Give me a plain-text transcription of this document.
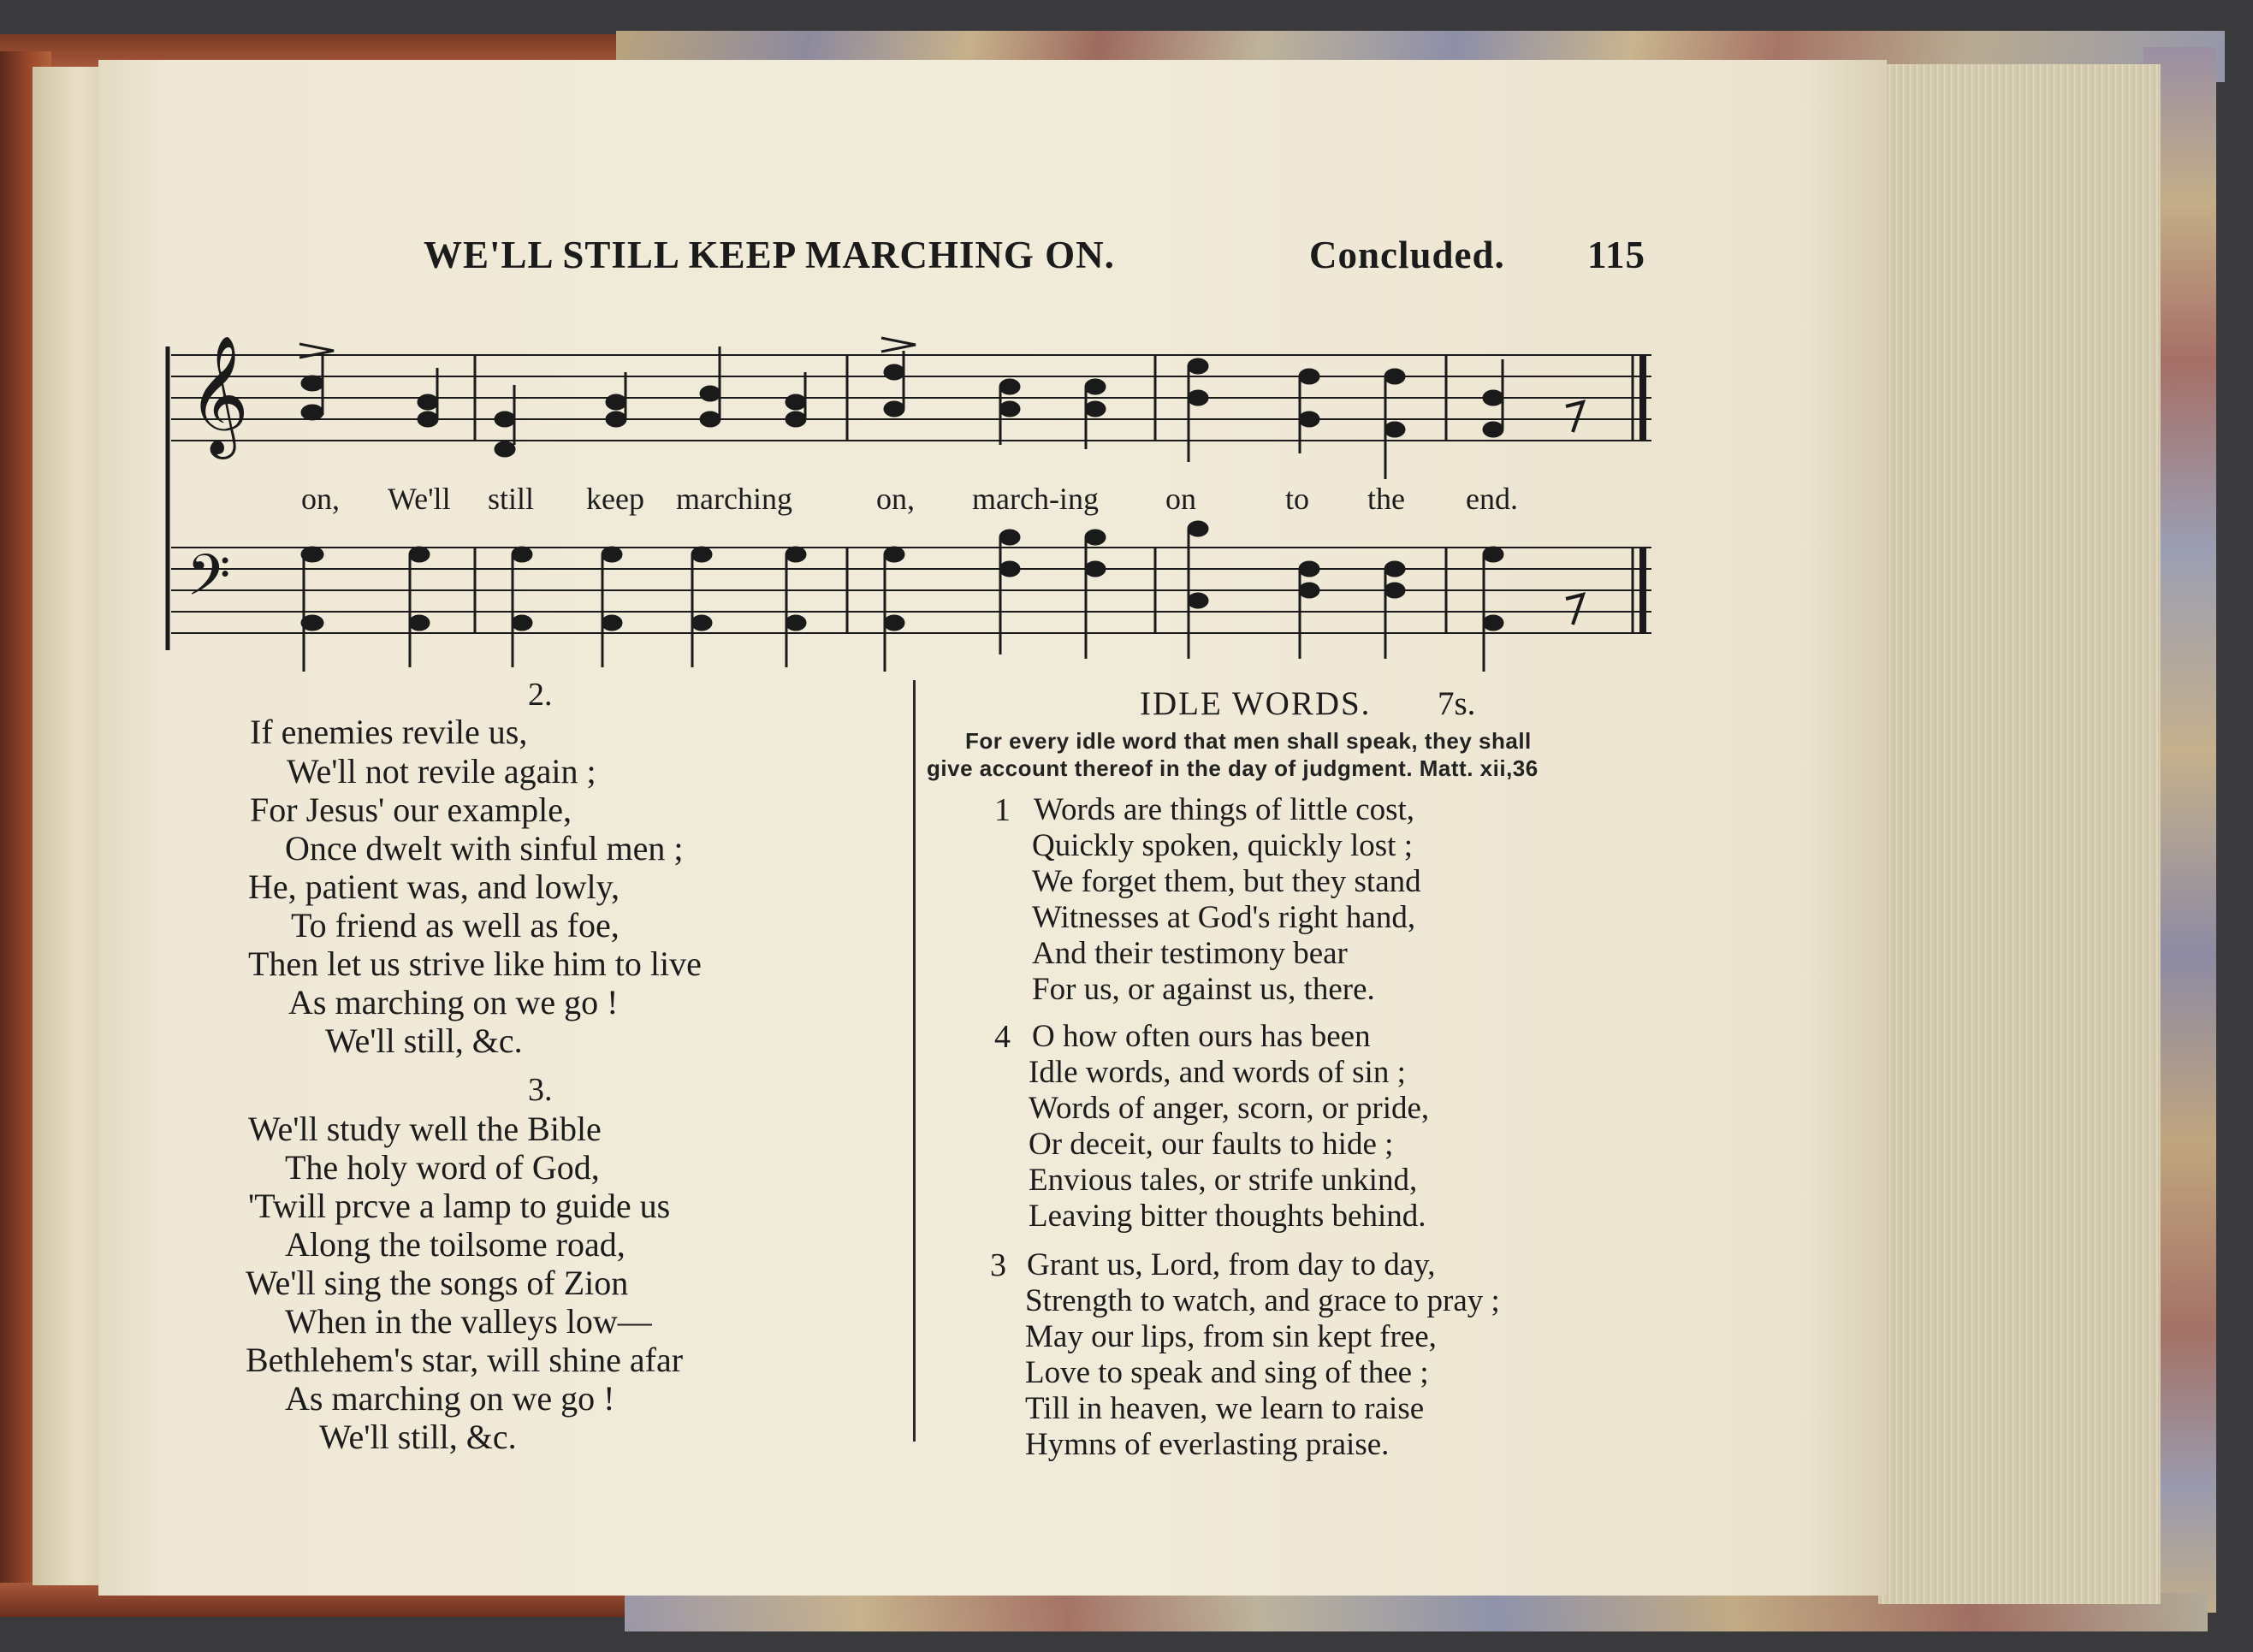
WE'LL STILL KEEP MARCHING ON.	Concluded. 115
𝄞
𝄢
on, We'll still keep marching	on, march-ing on	to the end.
2.
If enemies revile us,
We'll not revile again ;
For Jesus' our example,
Once dwelt with sinful men ;
He, patient was, and lowly,
To friend as well as foe,
Then let us strive like him to live
As marching on we go !
We'll still, &c.
3.
We'll study well the Bible
The holy word of God,
'Twill prcve a lamp to guide us
Along the toilsome road,
We'll sing the songs of Zion
When in the valleys low—
Bethlehem's star, will shine afar
As marching on we go !
We'll still, &c.
IDLE WORDS. 7s.
For every idle word that men shall speak, they shall
give account thereof in the day of judgment. Matt. xii,36
1 Words are things of little cost,
Quickly spoken, quickly lost ;
We forget them, but they stand
Witnesses at God's right hand,
And their testimony bear
For us, or against us, there.
4 O how often ours has been
Idle words, and words of sin ;
Words of anger, scorn, or pride,
Or deceit, our faults to hide ;
Envious tales, or strife unkind,
Leaving bitter thoughts behind.
3 Grant us, Lord, from day to day,
Strength to watch, and grace to pray ;
May our lips, from sin kept free,
Love to speak and sing of thee ;
Till in heaven, we learn to raise
Hymns of everlasting praise.
